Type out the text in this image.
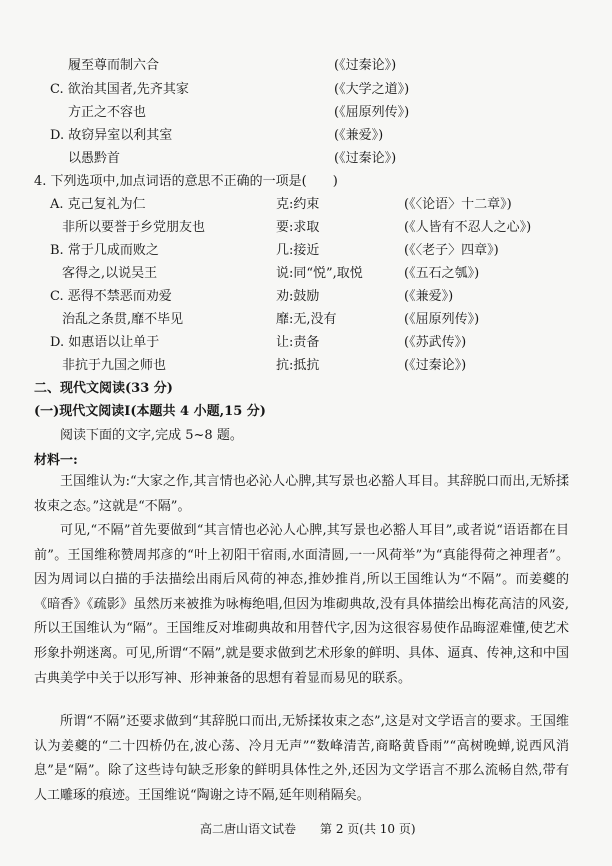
履至尊而制六合	(《过秦论》)
C. 欲治其国者,先齐其家	(《大学之道》)
方正之不容也	(《屈原列传》)
D. 故窃异室以利其室	(《兼爱》)
以愚黔首	(《过秦论》)
4. 下列选项中,加点词语的意思不正确的一项是(　　)
A. 克己复礼为仁	克:约束	(《〈论语〉十二章》)
非所以要誉于乡党朋友也	要:求取	(《人皆有不忍人之心》)
B. 常于几成而败之	几:接近	(《〈老子〉四章》)
客得之,以说吴王	说:同“悦”,取悦	(《五石之瓠》)
C. 恶得不禁恶而劝爱	劝:鼓励	(《兼爱》)
治乱之条贯,靡不毕见	靡:无,没有	(《屈原列传》)
D. 如惠语以让单于	让:责备	(《苏武传》)
非抗于九国之师也	抗:抵抗	(《过秦论》)
二、现代文阅读(33 分)
(一)现代文阅读Ⅰ(本题共 4 小题,15 分)
阅读下面的文字,完成 5~8 题。
材料一:
王国维认为:“大家之作,其言情也必沁人心脾,其写景也必豁人耳目。其辞脱口而出,无矫揉妆束之态。”这就是“不隔”。
可见,“不隔”首先要做到“其言情也必沁人心脾,其写景也必豁人耳目”,或者说“语语都在目前”。王国维称赞周邦彦的“叶上初阳干宿雨,水面清圆,一一风荷举”为“真能得荷之神理者”。因为周词以白描的手法描绘出雨后风荷的神态,推妙推肖,所以王国维认为“不隔”。而姜夔的《暗香》《疏影》虽然历来被推为咏梅绝唱,但因为堆砌典故,没有具体描绘出梅花高洁的风姿,所以王国维认为“隔”。王国维反对堆砌典故和用替代字,因为这很容易使作品晦涩难懂,使艺术形象扑朔迷离。可见,所谓“不隔”,就是要求做到艺术形象的鲜明、具体、逼真、传神,这和中国古典美学中关于以形写神、形神兼备的思想有着显而易见的联系。
所谓“不隔”还要求做到“其辞脱口而出,无矫揉妆束之态”,这是对文学语言的要求。王国维认为姜夔的“二十四桥仍在,波心荡、冷月无声”“数峰清苦,商略黄昏雨”“高树晚蝉,说西风消息”是“隔”。除了这些诗句缺乏形象的鲜明具体性之外,还因为文学语言不那么流畅自然,带有人工雕琢的痕迹。王国维说“陶谢之诗不隔,延年则稍隔矣。
高二唐山语文试卷 第 2 页(共 10 页)
